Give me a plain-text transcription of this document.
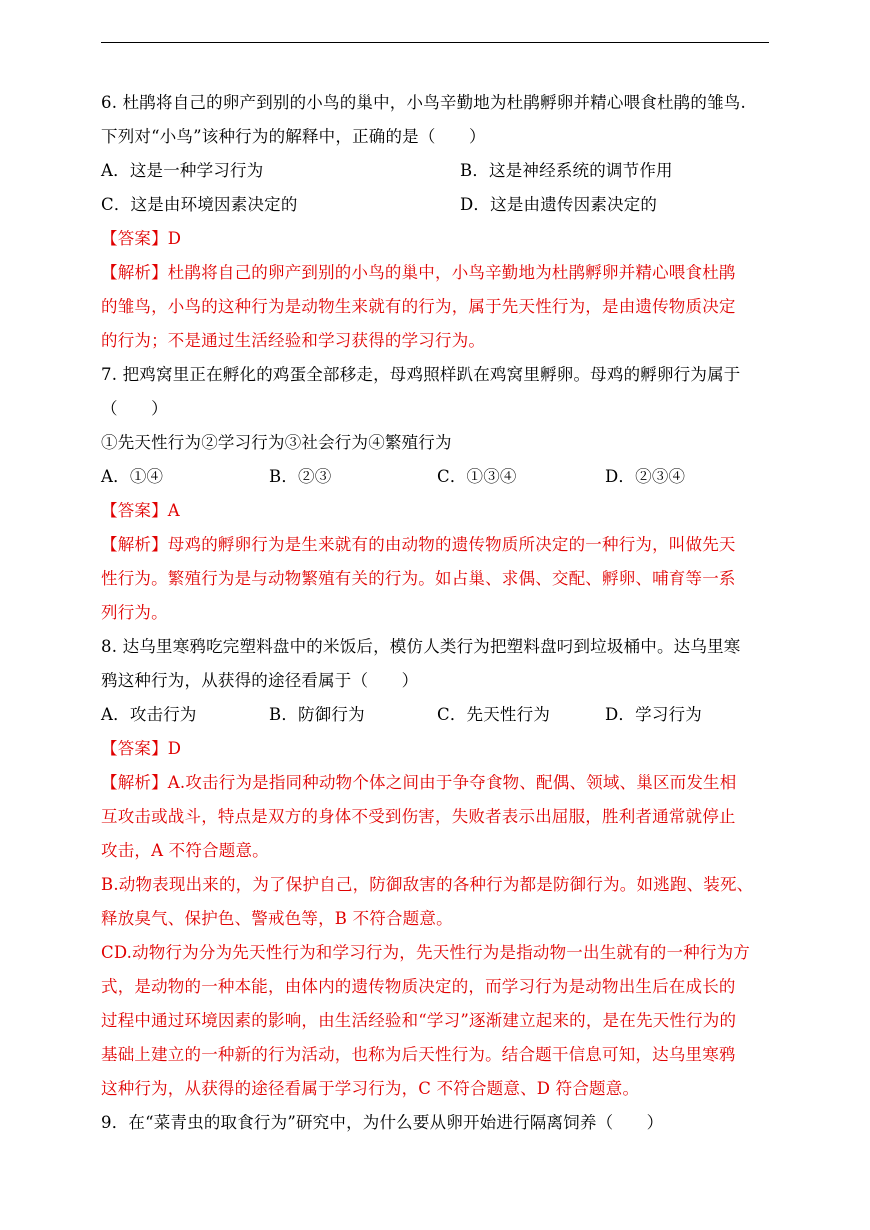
6. 杜鹃将自己的卵产到别的小鸟的巢中，小鸟辛勤地为杜鹃孵卵并精心喂食杜鹃的雏鸟.
下列对“小鸟”该种行为的解释中，正确的是（　　）
A．这是一种学习行为	B．这是神经系统的调节作用
C．这是由环境因素决定的	D．这是由遗传因素决定的
【答案】D
【解析】杜鹃将自己的卵产到别的小鸟的巢中，小鸟辛勤地为杜鹃孵卵并精心喂食杜鹃
的雏鸟，小鸟的这种行为是动物生来就有的行为，属于先天性行为，是由遗传物质决定
的行为；不是通过生活经验和学习获得的学习行为。
7. 把鸡窝里正在孵化的鸡蛋全部移走，母鸡照样趴在鸡窝里孵卵。母鸡的孵卵行为属于
（　　）
①先天性行为②学习行为③社会行为④繁殖行为
A．①④	B．②③	C．①③④	D．②③④
【答案】A
【解析】母鸡的孵卵行为是生来就有的由动物的遗传物质所决定的一种行为，叫做先天
性行为。繁殖行为是与动物繁殖有关的行为。如占巢、求偶、交配、孵卵、哺育等一系
列行为。
8. 达乌里寒鸦吃完塑料盘中的米饭后，模仿人类行为把塑料盘叼到垃圾桶中。达乌里寒
鸦这种行为，从获得的途径看属于（　　）
A．攻击行为	B．防御行为	C．先天性行为	D．学习行为
【答案】D
【解析】A.攻击行为是指同种动物个体之间由于争夺食物、配偶、领域、巢区而发生相
互攻击或战斗，特点是双方的身体不受到伤害，失败者表示出屈服，胜利者通常就停止
攻击，A 不符合题意。
B.动物表现出来的，为了保护自己，防御敌害的各种行为都是防御行为。如逃跑、装死、
释放臭气、保护色、警戒色等，B 不符合题意。
CD.动物行为分为先天性行为和学习行为，先天性行为是指动物一出生就有的一种行为方
式，是动物的一种本能，由体内的遗传物质决定的，而学习行为是动物出生后在成长的
过程中通过环境因素的影响，由生活经验和“学习”逐渐建立起来的，是在先天性行为的
基础上建立的一种新的行为活动，也称为后天性行为。结合题干信息可知，达乌里寒鸦
这种行为，从获得的途径看属于学习行为，C 不符合题意、D 符合题意。
9．在“菜青虫的取食行为”研究中，为什么要从卵开始进行隔离饲养（　　）
